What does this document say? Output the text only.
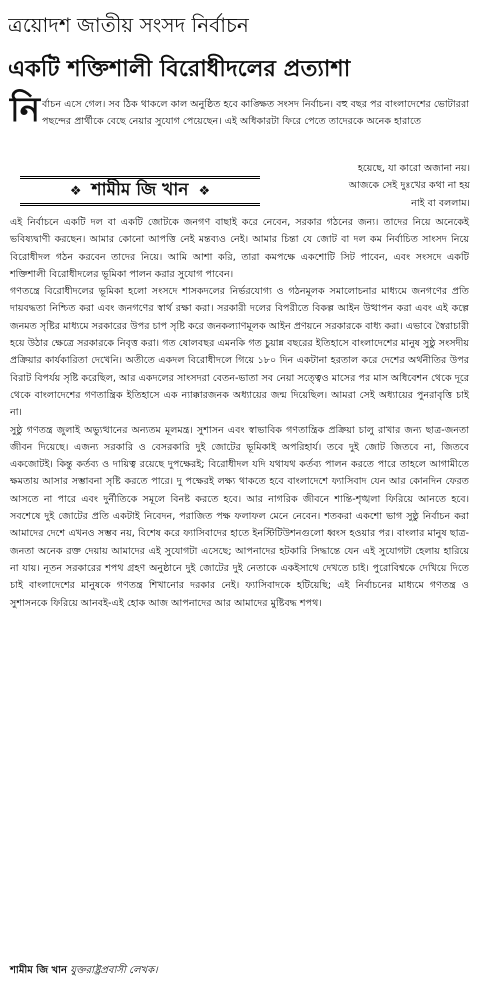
ত্রয়োদশ জাতীয় সংসদ নির্বাচন
একটি শক্তিশালী বিরোধীদলের প্রত্যাশা
নি র্বাচন এসে গেল। সব ঠিক থাকলে কাল অনুষ্ঠিত হবে কাঙ্ক্ষিত সংসদ নির্বাচন। বহু বছর পর বাংলাদেশের ভোটাররা পছন্দের প্রার্থীকে বেছে নেয়ার সুযোগ পেয়েছেন। এই অধিকারটা ফিরে পেতে তাদেরকে অনেক হারাতে
❖ শামীম জি খান ❖
হয়েছে, যা কারো অজানা নয়।
আজকে সেই দুঃখের কথা না হয়
নাই বা বললাম।

এই নির্বাচনে একটি দল বা একটি জোটকে জনগণ বাছাই করে নেবেন, সরকার গঠনের জন্য। তাদের নিয়ে অনেকেই ভবিষ্যদ্বাণী করছেন। আমার কোনো আপত্তি নেই মন্তব্যও নেই। আমার চিন্তা যে জোট বা দল কম নির্বাচিত সাংসদ নিয়ে বিরোধীদল গঠন করবেন তাদের নিয়ে। আমি আশা করি, তারা কমপক্ষে একশোটি সিট পাবেন, এবং সংসদে একটি শক্তিশালী বিরোধীদলের ভূমিকা পালন করার সুযোগ পাবেন।

গণতন্ত্রে বিরোধীদলের ভূমিকা হলো সংসদে শাসকদলের নির্ভরযোগ্য ও গঠনমূলক সমালোচনার মাধ্যমে জনগণের প্রতি দায়বদ্ধতা নিশ্চিত করা এবং জনগণের স্বার্থ রক্ষা করা। সরকারী দলের বিপরীতে বিকল্প আইন উত্থাপন করা এবং এই কল্পে জনমত সৃষ্টির মাধ্যমে সরকারের উপর চাপ সৃষ্টি করে জনকল্যাণমূলক আইন প্রণয়নে সরকারকে বাধ্য করা। এভাবে স্বৈরাচারী হয়ে উঠার ক্ষেত্রে সরকারকে নিবৃত্ত করা। গত ষোলবছর এমনকি গত চুয়ান্ন বছরের ইতিহাসে বাংলাদেশের মানুষ সুষ্ঠু সংসদীয় প্রক্রিয়ার কার্যকারিতা দেখেনি। অতীতে একদল বিরোধীদলে গিয়ে ১৮০ দিন একটানা হরতাল করে দেশের অর্থনীতির উপর বিরাট বিপর্যয় সৃষ্টি করেছিল, আর একদলের সাংসদরা বেতন-ভাতা সব নেয়া সত্ত্বেও মাসের পর মাস অধিবেশন থেকে দূরে থেকে বাংলাদেশের গণতান্ত্রিক ইতিহাসে এক ন্যাক্কারজনক অধ্যায়ের জন্ম দিয়েছিল। আমরা সেই অধ্যায়ের পুনরাবৃত্তি চাই না।

সুষ্ঠু গণতন্ত্র জুলাই অভ্যুত্থানের অন্যতম মূলমন্ত্র। সুশাসন এবং স্বাভাবিক গণতান্ত্রিক প্রক্রিয়া চালু রাখার জন্য ছাত্র-জনতা জীবন দিয়েছে। এজন্য সরকারি ও বেসরকারি দুই জোটের ভূমিকাই অপরিহার্য। তবে দুই জোট জিতবে না, জিতবে একজোটই। কিন্তু কর্তব্য ও দায়িত্ব রয়েছে দুপক্ষেরই; বিরোধীদল যদি যথাযথ কর্তব্য পালন করতে পারে তাহলে আগামীতে ক্ষমতায় আসার সম্ভাবনা সৃষ্টি করতে পারে। দু পক্ষেরই লক্ষ্য থাকতে হবে বাংলাদেশে ফ্যাসিবাদ যেন আর কোনদিন ফেরত আসতে না পারে এবং দুর্নীতিকে সমূলে বিনষ্ট করতে হবে। আর নাগরিক জীবনে শান্তি-শৃঙ্খলা ফিরিয়ে আনতে হবে। সবশেষে দুই জোটের প্রতি একটাই নিবেদন, পরাজিত পক্ষ ফলাফল মেনে নেবেন। শতকরা একশো ভাগ সুষ্ঠু নির্বাচন করা আমাদের দেশে এখনও সম্ভব নয়, বিশেষ করে ফ্যাসিবাদের হাতে ইনস্টিটিউশনগুলো ধ্বংস হওয়ার পর। বাংলার মানুষ ছাত্র-জনতা অনেক রক্ত দেয়ায় আমাদের এই সুযোগটা এসেছে; আপনাদের হটকারি সিদ্ধান্তে যেন এই সুযোগটা হেলায় হারিয়ে না যায়। নূতন সরকারের শপথ গ্রহণ অনুষ্ঠানে দুই জোটের দুই নেতাকে একইসাথে দেখতে চাই। পুরোবিশ্বকে দেখিয়ে দিতে চাই বাংলাদেশের মানুষকে গণতন্ত্র শিখানোর দরকার নেই। ফ্যাসিবাদকে হটিয়েছি; এই নির্বাচনের মাধ্যমে গণতন্ত্র ও সুশাসনকে ফিরিয়ে আনবই-এই হোক আজ আপনাদের আর আমাদের মুষ্টিবদ্ধ শপথ।

শামীম জি খান যুক্তরাষ্ট্রপ্রবাসী লেখক।
